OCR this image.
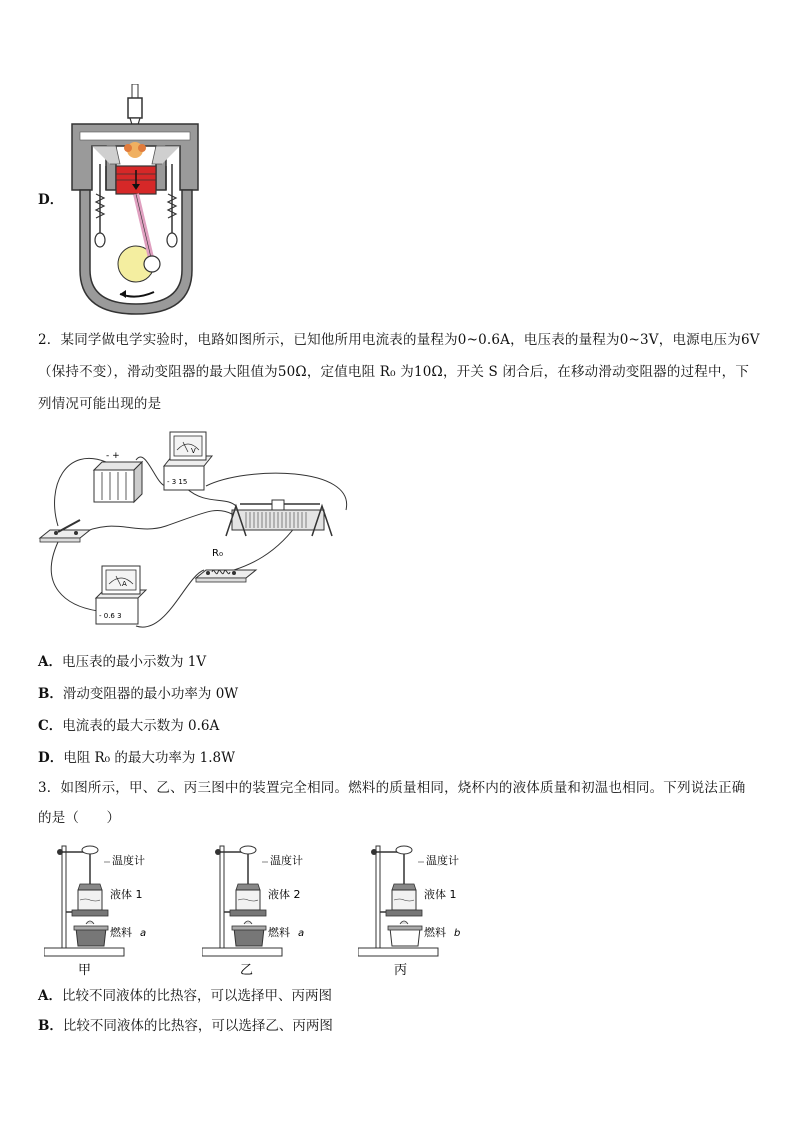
D．
2．某同学做电学实验时，电路如图所示，已知他所用电流表的量程为0~0.6A，电压表的量程为0~3V，电源电压为6V
（保持不变），滑动变阻器的最大阻值为50Ω，定值电阻 R₀ 为10Ω，开关 S 闭合后，在移动滑动变阻器的过程中，下
列情况可能出现的是
- +	V
- 3 15
R₀
A
- 0.6 3
A．电压表的最小示数为 1V
B．滑动变阻器的最小功率为 0W
C．电流表的最大示数为 0.6A
D．电阻 R₀ 的最大功率为 1.8W
3．如图所示，甲、乙、丙三图中的装置完全相同。燃料的质量相同，烧杯内的液体质量和初温也相同。下列说法正确
的是（　　）
温度计
液体 1
燃料 a
甲
温度计
液体 2
燃料 a
乙
温度计
液体 1
燃料 b
丙
A．比较不同液体的比热容，可以选择甲、丙两图
B．比较不同液体的比热容，可以选择乙、丙两图
